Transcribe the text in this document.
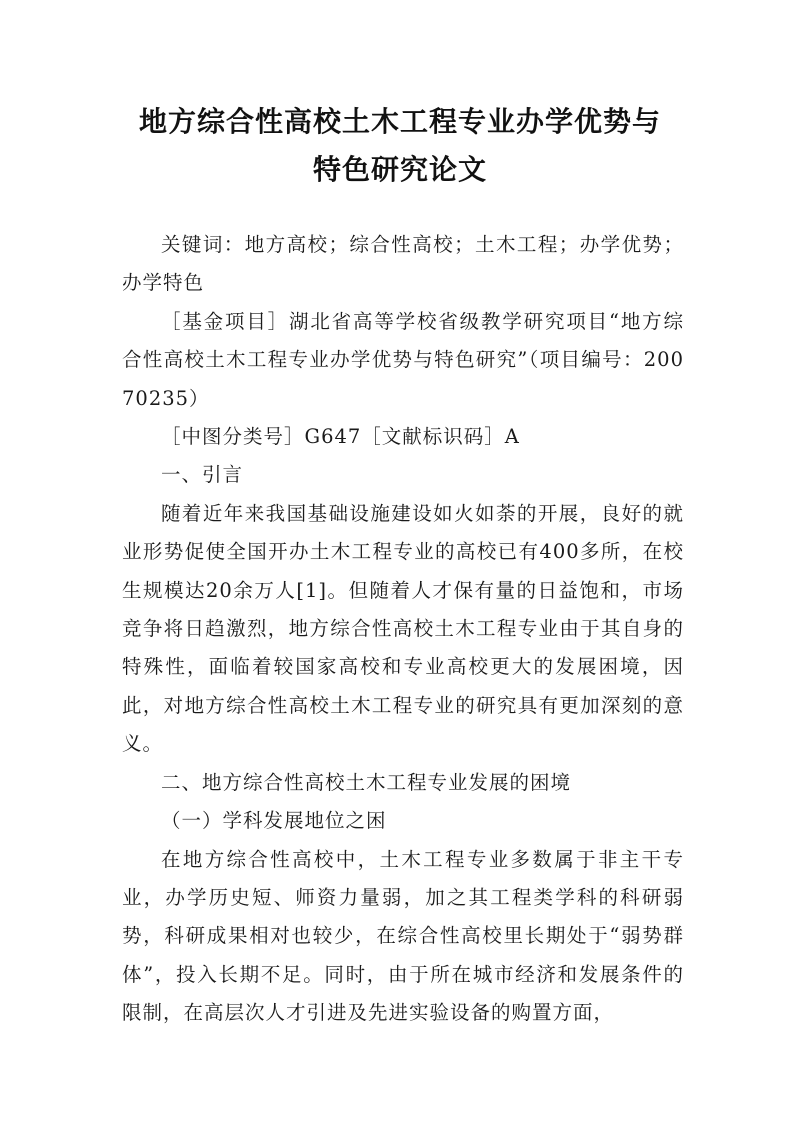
地方综合性高校土木工程专业办学优势与
特色研究论文

关键词：地方高校；综合性高校；土木工程；办学优势；办学特色

［基金项目］湖北省高等学校省级教学研究项目“地方综合性高校土木工程专业办学优势与特色研究”（项目编号：20070235）

［中图分类号］G647［文献标识码］A

一、引言

随着近年来我国基础设施建设如火如荼的开展，良好的就业形势促使全国开办土木工程专业的高校已有400多所，在校生规模达20余万人[1]。但随着人才保有量的日益饱和，市场竞争将日趋激烈，地方综合性高校土木工程专业由于其自身的特殊性，面临着较国家高校和专业高校更大的发展困境，因此，对地方综合性高校土木工程专业的研究具有更加深刻的意义。

二、地方综合性高校土木工程专业发展的困境

（一）学科发展地位之困

在地方综合性高校中，土木工程专业多数属于非主干专业，办学历史短、师资力量弱，加之其工程类学科的科研弱势，科研成果相对也较少，在综合性高校里长期处于“弱势群体”，投入长期不足。同时，由于所在城市经济和发展条件的限制，在高层次人才引进及先进实验设备的购置方面，
